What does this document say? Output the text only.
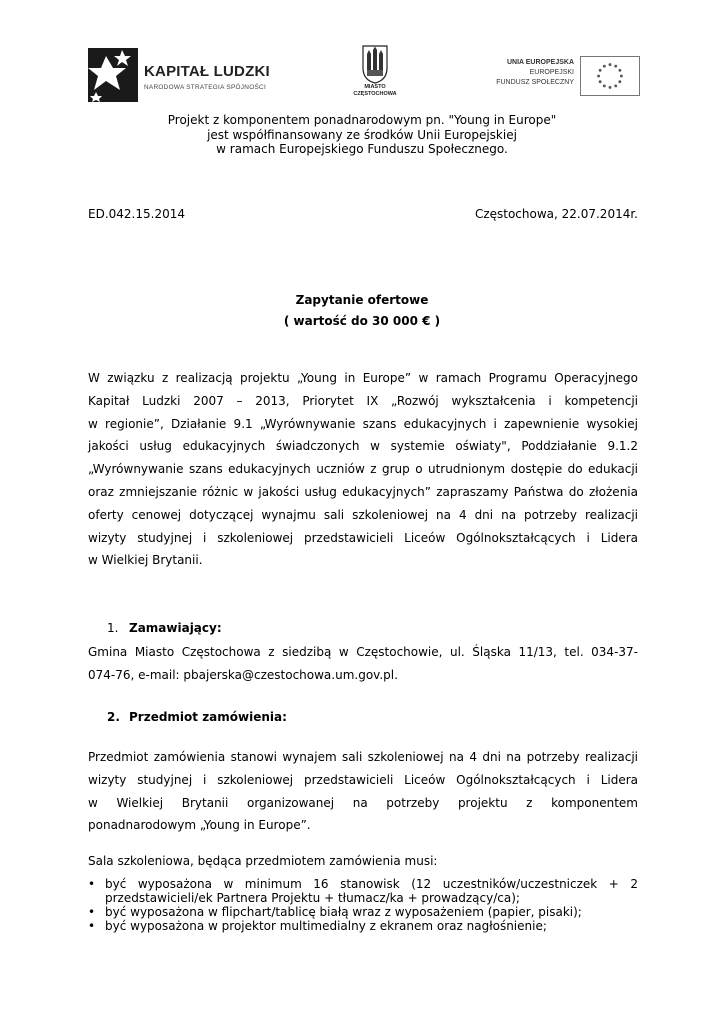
KAPITAŁ LUDZKI
NARODOWA STRATEGIA SPÓJNOŚCI	MIASTO
CZĘSTOCHOWA
UNIA EUROPEJSKA
EUROPEJSKI
FUNDUSZ SPOŁECZNY
Projekt z komponentem ponadnarodowym pn. "Young in Europe"
jest współfinansowany ze środków Unii Europejskiej
w ramach Europejskiego Funduszu Społecznego.
ED.042.15.2014	Częstochowa, 22.07.2014r.
Zapytanie ofertowe
( wartość do 30 000 € )
W związku z realizacją projektu „Young in Europe” w ramach Programu Operacyjnego
Kapitał Ludzki 2007 – 2013, Priorytet IX „Rozwój wykształcenia i kompetencji
w regionie”, Działanie 9.1 „Wyrównywanie szans edukacyjnych i zapewnienie wysokiej
jakości usług edukacyjnych świadczonych w systemie oświaty", Poddziałanie 9.1.2
„Wyrównywanie szans edukacyjnych uczniów z grup o utrudnionym dostępie do edukacji
oraz zmniejszanie różnic w jakości usług edukacyjnych” zapraszamy Państwa do złożenia
oferty cenowej dotyczącej wynajmu sali szkoleniowej na 4 dni na potrzeby realizacji
wizyty studyjnej i szkoleniowej przedstawicieli Liceów Ogólnokształcących i Lidera
w Wielkiej Brytanii.
1. Zamawiający:
Gmina Miasto Częstochowa z siedzibą w Częstochowie, ul. Śląska 11/13, tel. 034-37-
074-76, e-mail: pbajerska@czestochowa.um.gov.pl.
2. Przedmiot zamówienia:
Przedmiot zamówienia stanowi wynajem sali szkoleniowej na 4 dni na potrzeby realizacji
wizyty studyjnej i szkoleniowej przedstawicieli Liceów Ogólnokształcących i Lidera
w Wielkiej Brytanii organizowanej na potrzeby projektu z komponentem
ponadnarodowym „Young in Europe”.
Sala szkoleniowa, będąca przedmiotem zamówienia musi:
• być wyposażona w minimum 16 stanowisk (12 uczestników/uczestniczek + 2
przedstawicieli/ek Partnera Projektu + tłumacz/ka + prowadzący/ca);
• być wyposażona w flipchart/tablicę białą wraz z wyposażeniem (papier, pisaki);
• być wyposażona w projektor multimedialny z ekranem oraz nagłośnienie;
